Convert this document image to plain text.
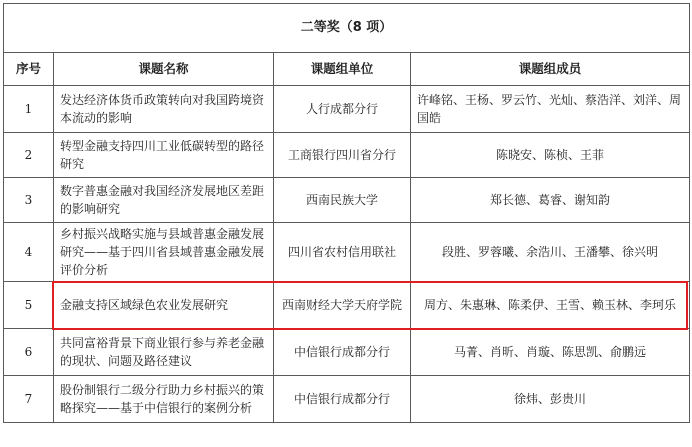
二等奖（8 项）			
序号	课题名称	课题组单位	课题组成员
1	发达经济体货币政策转向对我国跨境资本流动的影响	人行成都分行	许峰铭、王杨、罗云竹、光灿、蔡浩洋、刘洋、周国皓
2	转型金融支持四川工业低碳转型的路径研究	工商银行四川省分行	陈晓安、陈桢、王菲
3	数字普惠金融对我国经济发展地区差距的影响研究	西南民族大学	郑长德、葛睿、谢知韵
4	乡村振兴战略实施与县域普惠金融发展研究——基于四川省县域普惠金融发展评价分析	四川省农村信用联社	段胜、罗蓉曦、余浩川、王潘攀、徐兴明
5	金融支持区域绿色农业发展研究	西南财经大学天府学院	周方、朱惠琳、陈柔伊、王雪、赖玉林、李珂乐
6	共同富裕背景下商业银行参与养老金融的现状、问题及路径建议	中信银行成都分行	马菁、肖昕、肖璇、陈思凯、俞鹏远
7	股份制银行二级分行助力乡村振兴的策略探究——基于中信银行的案例分析	中信银行成都分行	徐炜、彭贵川
